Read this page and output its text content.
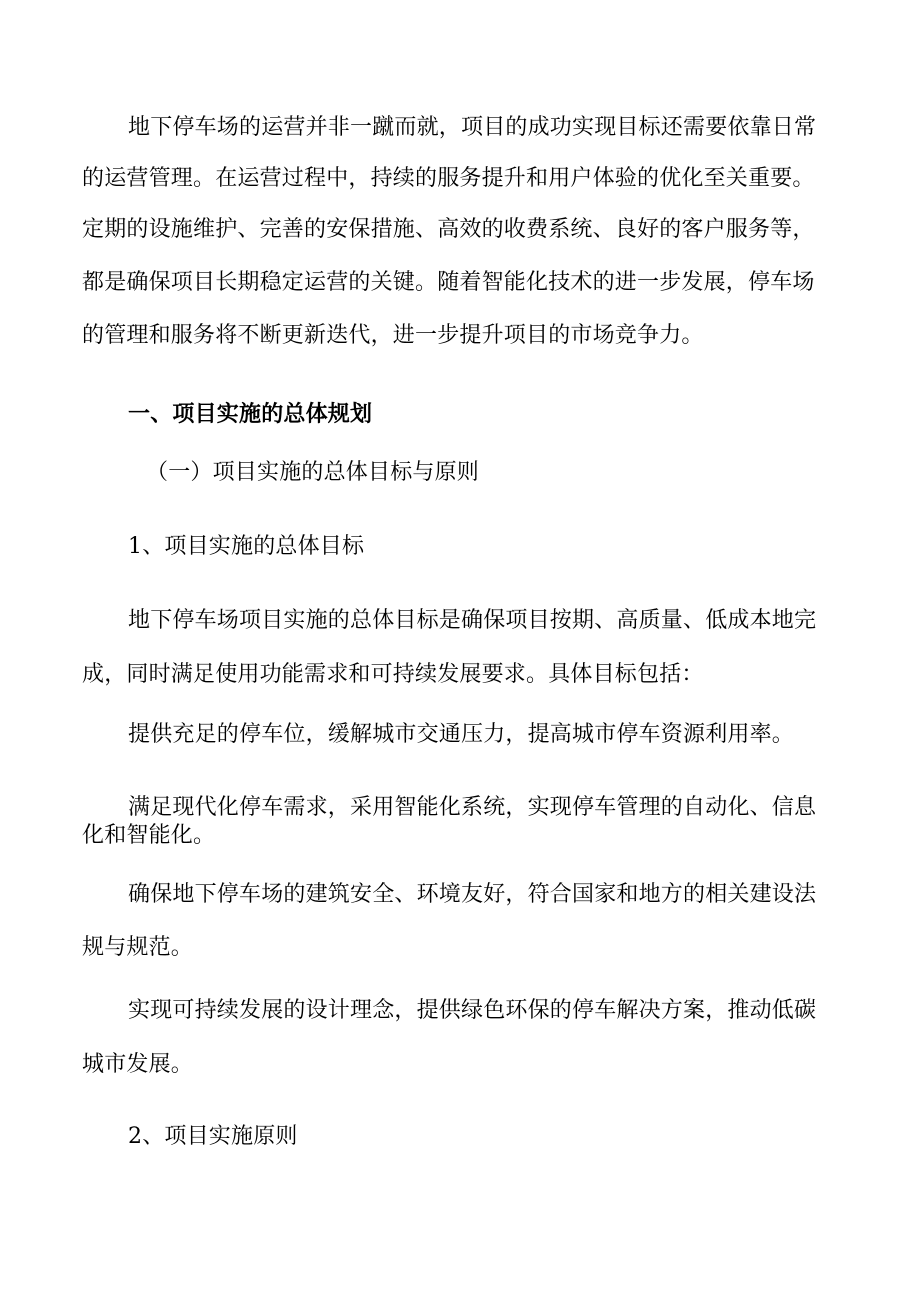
地下停车场的运营并非一蹴而就，项目的成功实现目标还需要依靠日常
的运营管理。在运营过程中，持续的服务提升和用户体验的优化至关重要。
定期的设施维护、完善的安保措施、高效的收费系统、良好的客户服务等，
都是确保项目长期稳定运营的关键。随着智能化技术的进一步发展，停车场
的管理和服务将不断更新迭代，进一步提升项目的市场竞争力。
一、项目实施的总体规划
（一）项目实施的总体目标与原则
1、项目实施的总体目标
地下停车场项目实施的总体目标是确保项目按期、高质量、低成本地完
成，同时满足使用功能需求和可持续发展要求。具体目标包括：
提供充足的停车位，缓解城市交通压力，提高城市停车资源利用率。
满足现代化停车需求，采用智能化系统，实现停车管理的自动化、信息
化和智能化。
确保地下停车场的建筑安全、环境友好，符合国家和地方的相关建设法
规与规范。
实现可持续发展的设计理念，提供绿色环保的停车解决方案，推动低碳
城市发展。
2、项目实施原则
